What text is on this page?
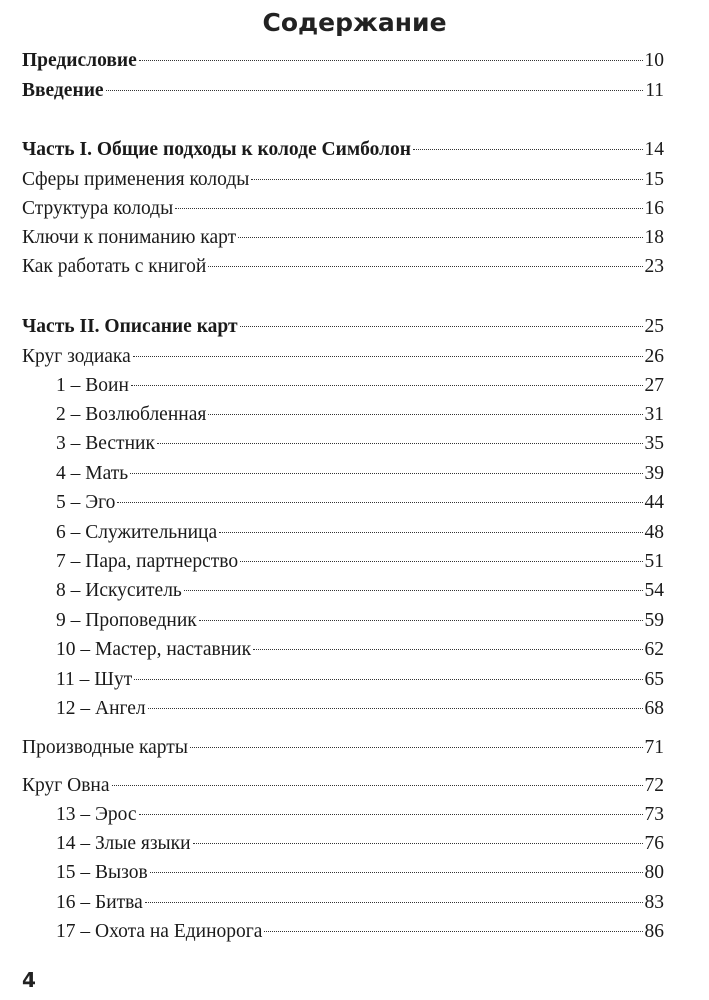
Содержание
Предисловие	10
Введение	11
Часть I. Общие подходы к колоде Симболон	14
Сферы применения колоды	15
Структура колоды	16
Ключи к пониманию карт	18
Как работать с книгой	23
Часть II. Описание карт	25
Круг зодиака	26
1 – Воин	27
2 – Возлюбленная	31
3 – Вестник	35
4 – Мать	39
5 – Эго	44
6 – Служительница	48
7 – Пара, партнерство	51
8 – Искуситель	54
9 – Проповедник	59
10 – Мастер, наставник	62
11 – Шут	65
12 – Ангел	68
Производные карты	71
Круг Овна	72
13 – Эрос	73
14 – Злые языки	76
15 – Вызов	80
16 – Битва	83
17 – Охота на Единорога	86
4
